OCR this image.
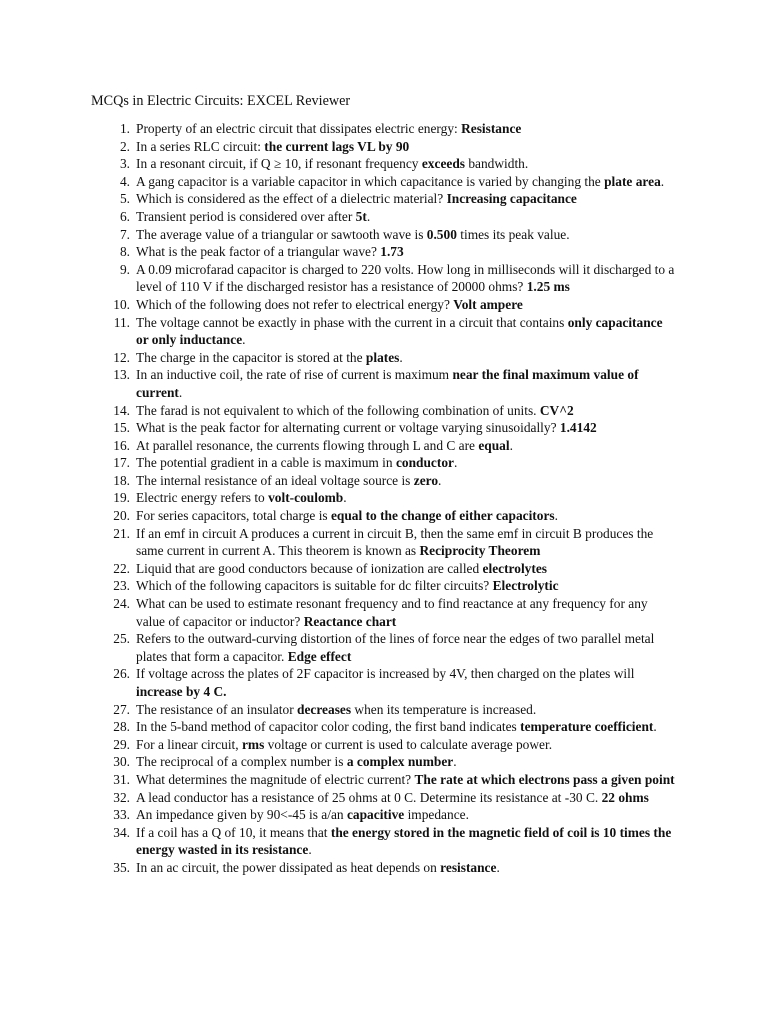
MCQs in Electric Circuits: EXCEL Reviewer
1. Property of an electric circuit that dissipates electric energy: Resistance
2. In a series RLC circuit: the current lags VL by 90
3. In a resonant circuit, if Q ≥ 10, if resonant frequency exceeds bandwidth.
4. A gang capacitor is a variable capacitor in which capacitance is varied by changing the plate area.
5. Which is considered as the effect of a dielectric material? Increasing capacitance
6. Transient period is considered over after 5t.
7. The average value of a triangular or sawtooth wave is 0.500 times its peak value.
8. What is the peak factor of a triangular wave? 1.73
9. A 0.09 microfarad capacitor is charged to 220 volts. How long in milliseconds will it discharged to a level of 110 V if the discharged resistor has a resistance of 20000 ohms? 1.25 ms
10. Which of the following does not refer to electrical energy? Volt ampere
11. The voltage cannot be exactly in phase with the current in a circuit that contains only capacitance or only inductance.
12. The charge in the capacitor is stored at the plates.
13. In an inductive coil, the rate of rise of current is maximum near the final maximum value of current.
14. The farad is not equivalent to which of the following combination of units. CV^2
15. What is the peak factor for alternating current or voltage varying sinusoidally? 1.4142
16. At parallel resonance, the currents flowing through L and C are equal.
17. The potential gradient in a cable is maximum in conductor.
18. The internal resistance of an ideal voltage source is zero.
19. Electric energy refers to volt-coulomb.
20. For series capacitors, total charge is equal to the change of either capacitors.
21. If an emf in circuit A produces a current in circuit B, then the same emf in circuit B produces the same current in current A. This theorem is known as Reciprocity Theorem
22. Liquid that are good conductors because of ionization are called electrolytes
23. Which of the following capacitors is suitable for dc filter circuits? Electrolytic
24. What can be used to estimate resonant frequency and to find reactance at any frequency for any value of capacitor or inductor? Reactance chart
25. Refers to the outward-curving distortion of the lines of force near the edges of two parallel metal plates that form a capacitor. Edge effect
26. If voltage across the plates of 2F capacitor is increased by 4V, then charged on the plates will increase by 4 C.
27. The resistance of an insulator decreases when its temperature is increased.
28. In the 5-band method of capacitor color coding, the first band indicates temperature coefficient.
29. For a linear circuit, rms voltage or current is used to calculate average power.
30. The reciprocal of a complex number is a complex number.
31. What determines the magnitude of electric current? The rate at which electrons pass a given point
32. A lead conductor has a resistance of 25 ohms at 0 C. Determine its resistance at -30 C. 22 ohms
33. An impedance given by 90<-45 is a/an capacitive impedance.
34. If a coil has a Q of 10, it means that the energy stored in the magnetic field of coil is 10 times the energy wasted in its resistance.
35. In an ac circuit, the power dissipated as heat depends on resistance.
